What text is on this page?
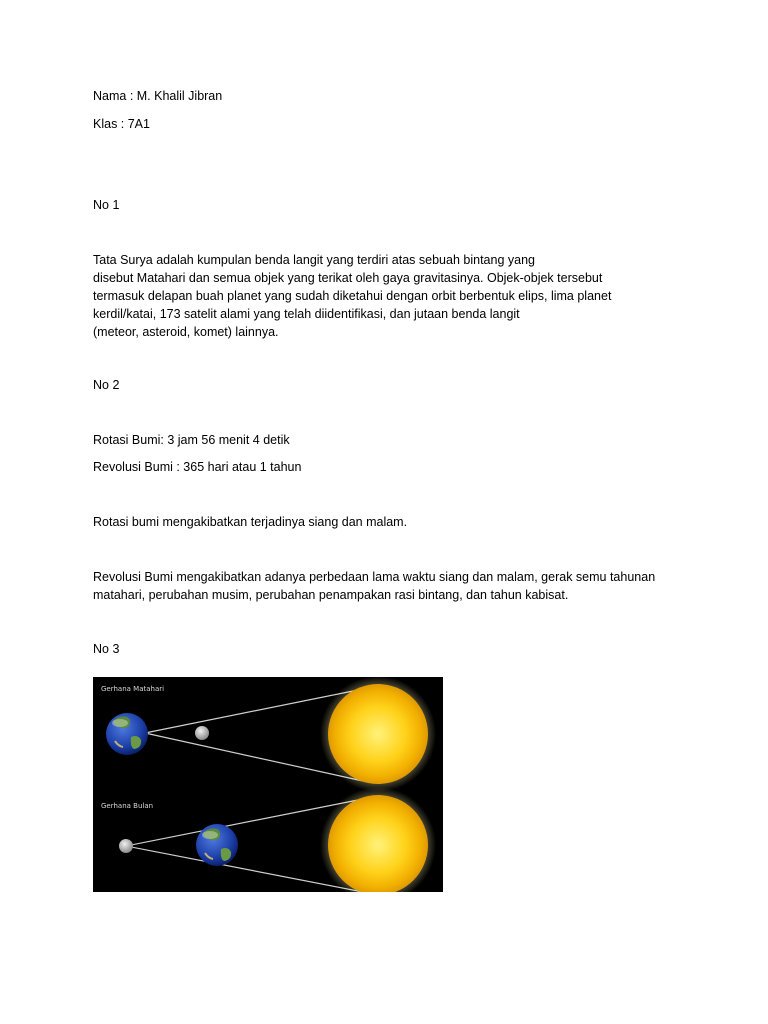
Nama : M. Khalil Jibran

Klas : 7A1

No 1

Tata Surya adalah kumpulan benda langit yang terdiri atas sebuah bintang yang
disebut Matahari dan semua objek yang terikat oleh gaya gravitasinya. Objek-objek tersebut
termasuk delapan buah planet yang sudah diketahui dengan orbit berbentuk elips, lima planet
kerdil/katai, 173 satelit alami yang telah diidentifikasi, dan jutaan benda langit
(meteor, asteroid, komet) lainnya.

No 2

Rotasi Bumi: 3 jam 56 menit 4 detik

Revolusi Bumi : 365 hari atau 1 tahun

Rotasi bumi mengakibatkan terjadinya siang dan malam.

Revolusi Bumi mengakibatkan adanya perbedaan lama waktu siang dan malam, gerak semu tahunan
matahari, perubahan musim, perubahan penampakan rasi bintang, dan tahun kabisat.

No 3

Gerhana Matahari
Gerhana Bulan
